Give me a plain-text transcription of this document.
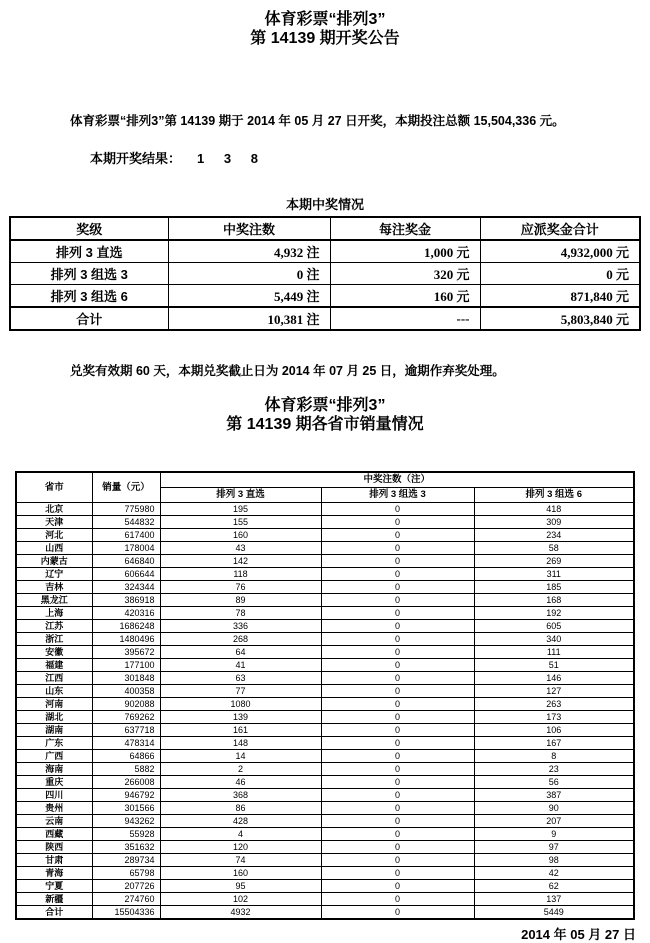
体育彩票“排列3”
第 14139 期开奖公告

体育彩票“排列3”第 14139 期于 2014 年 05 月 27 日开奖，本期投注总额 15,504,336 元。

本期开奖结果： 1 3 8

本期中奖情况
奖级	中奖注数	每注奖金	应派奖金合计
排列 3 直选	4,932 注	1,000 元	4,932,000 元
排列 3 组选 3	0 注	320 元	0 元
排列 3 组选 6	5,449 注	160 元	871,840 元
合计	10,381 注	---	5,803,840 元

兑奖有效期 60 天，本期兑奖截止日为 2014 年 07 月 25 日，逾期作弃奖处理。

体育彩票“排列3”
第 14139 期各省市销量情况
省市	销量（元）	中奖注数（注）		
		排列 3 直选	排列 3 组选 3	排列 3 组选 6
北京	775980	195	0	418
天津	544832	155	0	309
河北	617400	160	0	234
山西	178004	43	0	58
内蒙古	646840	142	0	269
辽宁	606644	118	0	311
吉林	324344	76	0	185
黑龙江	386918	89	0	168
上海	420316	78	0	192
江苏	1686248	336	0	605
浙江	1480496	268	0	340
安徽	395672	64	0	111
福建	177100	41	0	51
江西	301848	63	0	146
山东	400358	77	0	127
河南	902088	1080	0	263
湖北	769262	139	0	173
湖南	637718	161	0	106
广东	478314	148	0	167
广西	64866	14	0	8
海南	5882	2	0	23
重庆	266008	46	0	56
四川	946792	368	0	387
贵州	301566	86	0	90
云南	943262	428	0	207
西藏	55928	4	0	9
陕西	351632	120	0	97
甘肃	289734	74	0	98
青海	65798	160	0	42
宁夏	207726	95	0	62
新疆	274760	102	0	137
合计	15504336	4932	0	5449
2014 年 05 月 27 日
